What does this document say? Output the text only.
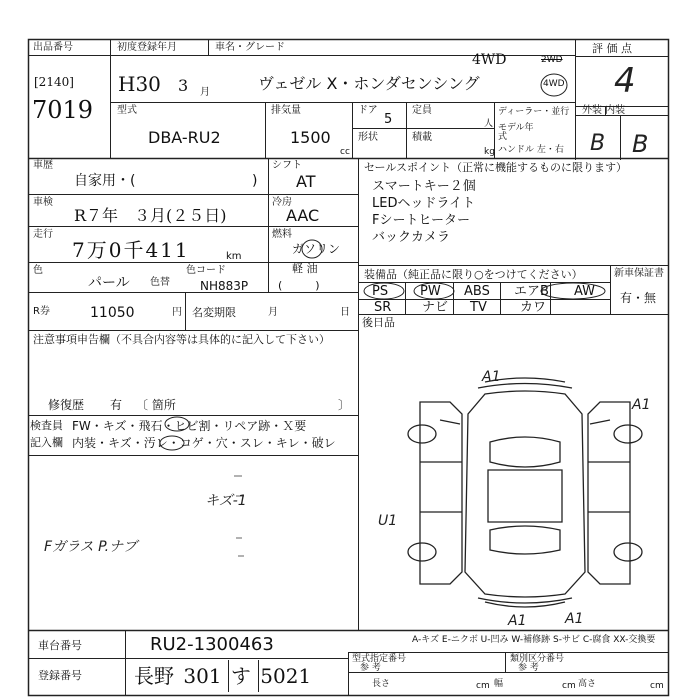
出品番号	初度登録年月	車名・グレード
[2140]
7019
H30 3 月	ヴェゼル X・ホンダセンシング
4WD	2WD
4WD
評 価 点
4
外装 内装
B B
型式
DBA-RU2
排気量
1500
cc
ドア
5
定員
人
形状	積載
kg
ディーラー・並行
モデル年式
ハンドル 左・右
車歴
自家用・(	)
シフト
AT
車検
R７年　３月(２５日)
冷房
AAC
走行
7万0千411	km
燃料
ガソリン
軽 油
(　　　)
色
パール 色替
色コード
NH883P
R券	11050	円 名変期限	月	日
セールスポイント（正常に機能するものに限ります）
スマートキー２個
LEDヘッドライト
Fシートヒーター
バックカメラ
装備品（純正品に限り○をつけてください）
PS PW ABS エアB AW
SR ナビ TV	カワ
新車保証書
有・無
後日品
注意事項申告欄（不具合内容等は具体的に記入して下さい）
修復歴 有 〔 箇所	〕
検査員 FW・キズ・飛石・ヒビ割・リペア跡・Ｘ要
記入欄 内装・キズ・汚レ・コゲ・穴・スレ・キレ・破レ
キズ-1
Fガラス P.ナブ
A1
A1
A1	A1
U1
A-キズ E-ニクボ U-凹み W-補修跡 S-サビ C-腐食 XX-交換要
車台番号	RU2-1300463
登録番号	長野 301 す 5021
型式指定番号
参 考
類別区分番号
参 考
長さ	cm 幅	cm 高さ	cm
